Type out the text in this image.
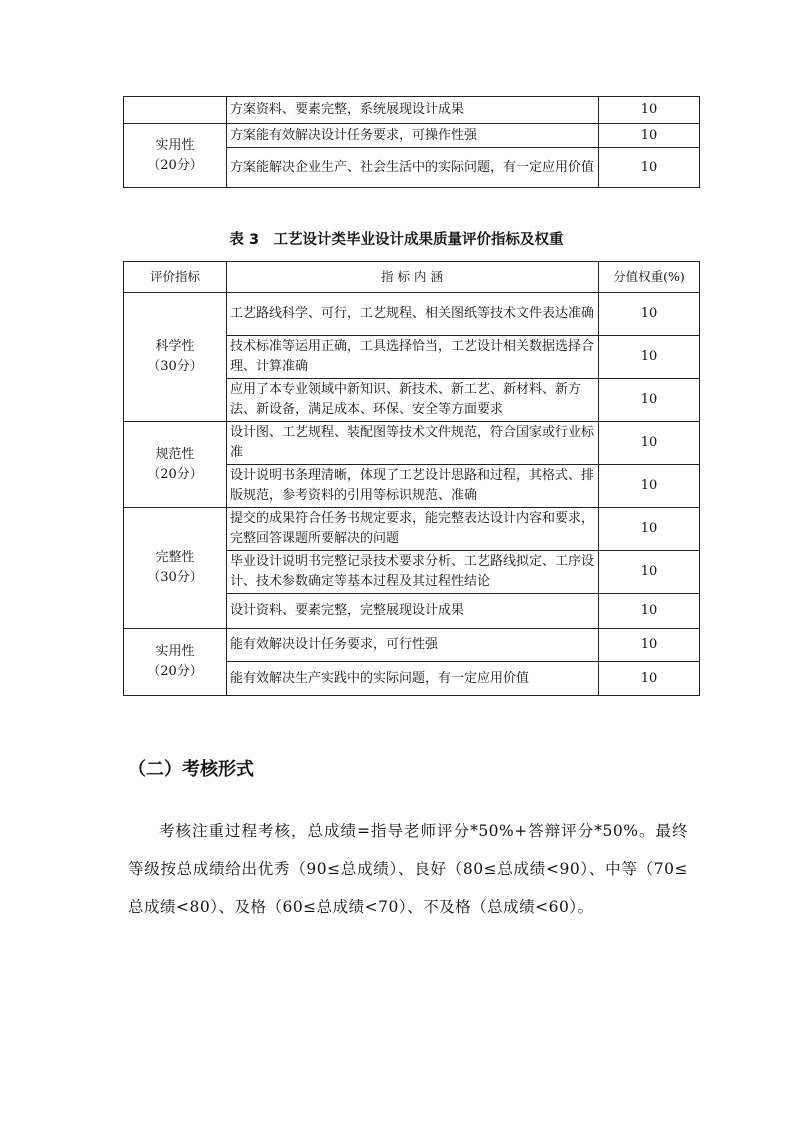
	方案资料、要素完整，系统展现设计成果	10

实用性
（20分）	方案能有效解决设计任务要求，可操作性强	10
	方案能解决企业生产、社会生活中的实际问题，有一定应用价值	10
表 3　工艺设计类毕业设计成果质量评价指标及权重
评价指标	指 标 内 涵	分值权重(%)

科学性
（30分）	工艺路线科学、可行，工艺规程、相关图纸等技术文件表达准确	10
	技术标准等运用正确，工具选择恰当，工艺设计相关数据选择合理、计算准确	10
	应用了本专业领域中新知识、新技术、新工艺、新材料、新方法、新设备，满足成本、环保、安全等方面要求	10

规范性
（20分）	设计图、工艺规程、装配图等技术文件规范，符合国家或行业标准	10
	设计说明书条理清晰，体现了工艺设计思路和过程，其格式、排版规范，参考资料的引用等标识规范、准确	10

完整性
（30分）	提交的成果符合任务书规定要求，能完整表达设计内容和要求，完整回答课题所要解决的问题	10
	毕业设计说明书完整记录技术要求分析、工艺路线拟定、工序设计、技术参数确定等基本过程及其过程性结论	10
	设计资料、要素完整，完整展现设计成果	10

实用性
（20分）	能有效解决设计任务要求，可行性强	10
	能有效解决生产实践中的实际问题，有一定应用价值	10
（二）考核形式

考核注重过程考核，总成绩=指导老师评分*50%+答辩评分*50%。最终等级按总成绩给出优秀（90≤总成绩）、良好（80≤总成绩<90）、中等（70≤总成绩<80）、及格（60≤总成绩<70）、不及格（总成绩<60）。
